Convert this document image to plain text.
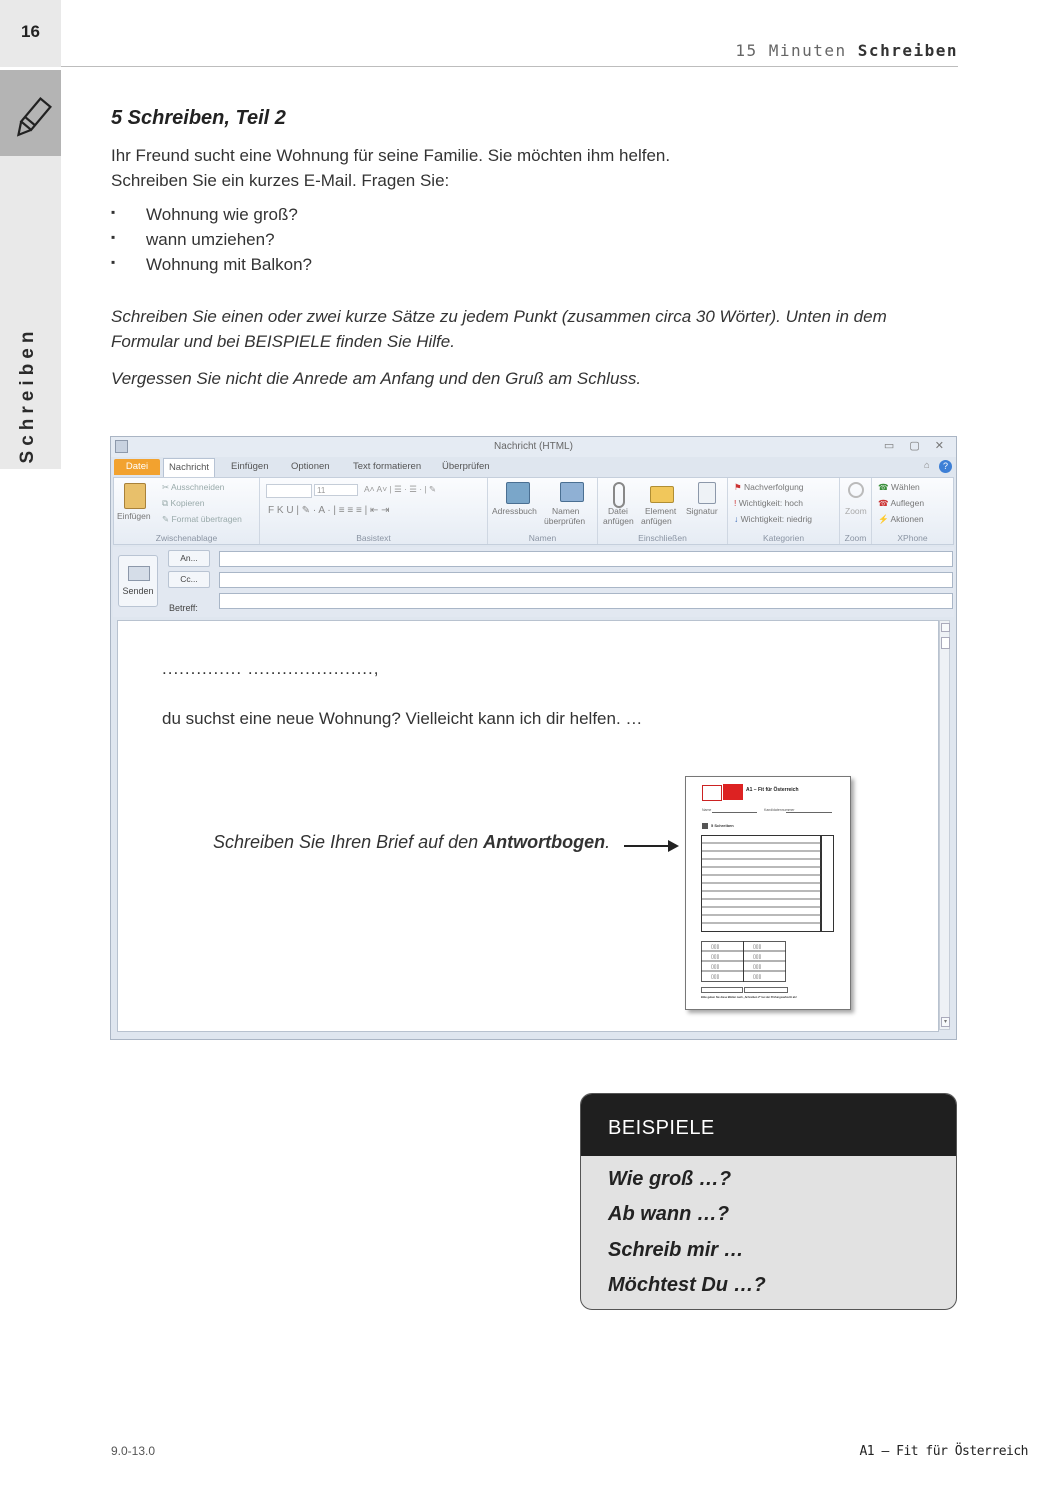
16
Schreiben
15 Minuten Schreiben
5 Schreiben, Teil 2
Ihr Freund sucht eine Wohnung für seine Familie. Sie möchten ihm helfen.
Schreiben Sie ein kurzes E-Mail. Fragen Sie:
▪ Wohnung wie groß?
▪ wann umziehen?
▪ Wohnung mit Balkon?
Schreiben Sie einen oder zwei kurze Sätze zu jedem Punkt (zusammen circa 30 Wörter). Unten in dem
Formular und bei BEISPIELE finden Sie Hilfe.
Vergessen Sie nicht die Anrede am Anfang und den Gruß am Schluss.
Nachricht (HTML)	▭ ▢ ✕
Datei	Nachricht	Einfügen Optionen Text formatieren Überprüfen	⌂	?
Einfügen
✂ Ausschneiden
⧉ Kopieren
✎ Format übertragen
Zwischenablage
11	A˄ A˅ | ☰ · ☰ · | ✎
F K U | ✎ · A · | ≡ ≡ ≡ | ⇤ ⇥
Basistext
Adressbuch Namen
überprüfen
Namen
Datei
anfügen
Element
anfügen
Signatur
Einschließen
⚑ Nachverfolgung
! Wichtigkeit: hoch
↓ Wichtigkeit: niedrig
Kategorien
Zoom
Zoom
☎ Wählen
☎ Auflegen
⚡ Aktionen
XPhone
Senden
An...
Cc...
Betreff:
.............. ......................,
du suchst eine neue Wohnung? Vielleicht kann ich dir helfen. …
Schreiben Sie Ihren Brief auf den Antwortbogen.
A1 – Fit für Österreich
Name	Kandidatennummer
5 Schreiben
▯▯▯	▯▯▯
▯▯▯	▯▯▯
▯▯▯	▯▯▯
▯▯▯	▯▯▯
Bitte geben Sie diese Blätter nach „Schreiben 2“ bei der Prüfungsaufsicht ab!
▾
BEISPIELE
Wie groß …?
Ab wann …?
Schreib mir …
Möchtest Du …?
9.0-13.0	A1 – Fit für Österreich
